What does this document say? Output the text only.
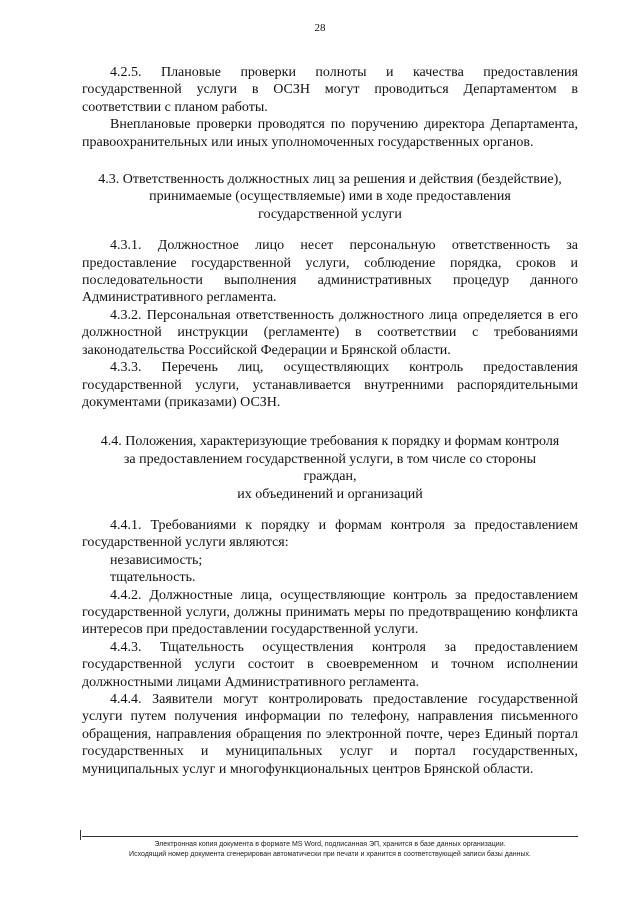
28

4.2.5. Плановые проверки полноты и качества предоставления государственной услуги в ОСЗН могут проводиться Департаментом в соответствии с планом работы.

Внеплановые проверки проводятся по поручению директора Департамента, правоохранительных или иных уполномоченных государственных органов.

4.3. Ответственность должностных лиц за решения и действия (бездействие),
принимаемые (осуществляемые) ими в ходе предоставления
государственной услуги

4.3.1. Должностное лицо несет персональную ответственность за предоставление государственной услуги, соблюдение порядка, сроков и последовательности выполнения административных процедур данного Административного регламента.

4.3.2. Персональная ответственность должностного лица определяется в его должностной инструкции (регламенте) в соответствии с требованиями законодательства Российской Федерации и Брянской области.

4.3.3. Перечень лиц, осуществляющих контроль предоставления государственной услуги, устанавливается внутренними распорядительными документами (приказами) ОСЗН.

4.4. Положения, характеризующие требования к порядку и формам контроля
за предоставлением государственной услуги, в том числе со стороны
граждан,
их объединений и организаций

4.4.1. Требованиями к порядку и формам контроля за предоставлением государственной услуги являются:

независимость;

тщательность.

4.4.2. Должностные лица, осуществляющие контроль за предоставлением государственной услуги, должны принимать меры по предотвращению конфликта интересов при предоставлении государственной услуги.

4.4.3. Тщательность осуществления контроля за предоставлением государственной услуги состоит в своевременном и точном исполнении должностными лицами Административного регламента.

4.4.4. Заявители могут контролировать предоставление государственной услуги путем получения информации по телефону, направления письменного обращения, направления обращения по электронной почте, через Единый портал государственных и муниципальных услуг и портал государственных, муниципальных услуг и многофункциональных центров Брянской области.

Электронная копия документа в формате MS Word, подписанная ЭП, хранится в базе данных организации.
Исходящий номер документа сгенерирован автоматически при печати и хранится в соответствующей записи базы данных.
